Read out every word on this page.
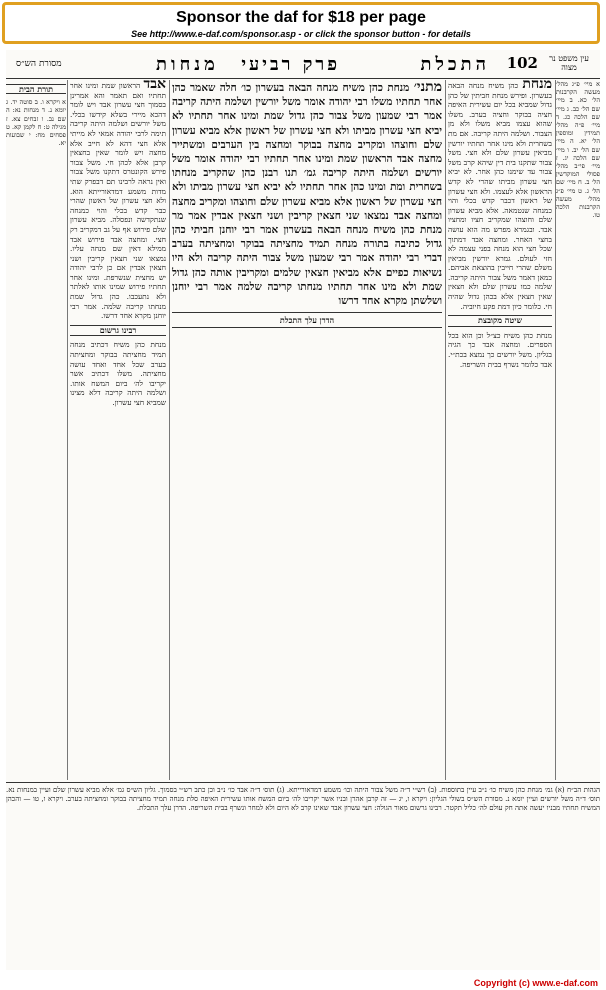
Sponsor the daf for $18 per page
See http://www.e-daf.com/sponsor.asp - or click the sponsor button - for details
עין משפט נר מצוה
102
התכלת
פרק רביעי
מנחות
מסורת הש״ס

א מיי׳ פ״ג מהל׳ מעשה הקרבנות הל׳ כא. ב מיי׳ שם הל׳ כב. ג מיי׳ שם הלכה כג. ד מיי׳ פ״ה מהל׳ תמידין ומוספין הל׳ יא. ה מיי׳ שם הל׳ יב. ו מיי׳ שם הלכה יג. ז מיי׳ פי״ב מהל׳ פסולי המוקדשין הל׳ ב. ח מיי׳ שם הל׳ ג. ט מיי׳ פ״ג מהל׳ מעשה הקרבנות הלכה טו.

מנחת כהן משיח מנחה הבאה בעשרון. ופירש מנחת חביתין של כהן גדול שמביא בכל יום עשירית האיפה חציה בבוקר וחציה בערב. משלו שהוא עצמו מביא משלו ולא מן הצבור. ושלמה היתה קריבה. אם מת בשחרית ולא מינו אחר תחתיו יורשין מביאין עשרון שלם ולא חצי. משל צבור שתקנו בית דין שיהא קרב משל צבור עד שימנו כהן אחר. לא יביא חצי עשרון מביתו שהרי לא קדש הראשון אלא לעצמו. ולא חצי עשרון של ראשון דכבר קדש בכלי והוי כמנחה שנטמאה. אלא מביא עשרון שלם וחוצהו שמקריב חציו ומחציו אבד. ובגמרא מפרש מה הוא עושה בחצי האחר. ומחצה אבד דמתוך שכל חצי הוא מנחה בפני עצמה לא חזי לעולם. גמרא יורשין מביאין משלם שהרי חייבין בהוצאת אביהם. כמאן דאמר משל צבור היתה קריבה. שלמה כמו עשרון שלם ולא חצאין שאין חצאין אלא בכהן גדול שהיה חי. כלומר כיון דמת פקע חיוביה.

שיטה מקובצת

מנחת כהן משיח כצ״ל וכן הוא בכל הספרים. ומחצה אבד כך הגיה בגליון. משל יורשים כך נמצא בכת״י. אבד כלומר נשרף בבית השריפה.

מתני׳ מנחת כהן משיח מנחה הבאה בעשרון כו׳ חלה שאמר כהן אחר תחתיו משלו רבי יהודה אומר משל יורשין ושלמה היתה קריבה אמר רבי שמעון משל צבור כהן גדול שמת ומינו אחר תחתיו לא יביא חצי עשרון מביתו ולא חצי עשרון של ראשון אלא מביא עשרון שלם וחוצהו ומקריב מחצה בבוקר ומחצה בין הערבים ומשתייר מחצה אבד הראשון שמת ומינו אחר תחתיו רבי יהודה אומר משל יורשים ושלמה היתה קריבה גמ׳ תנו רבנן כהן שהקריב מנחתו בשחרית ומת ומינו כהן אחר תחתיו לא יביא חצי עשרון מביתו ולא חצי עשרון של ראשון אלא מביא עשרון שלם וחוצהו ומקריב מחצה ומחצה אבד נמצאו שני חצאין קריבין ושני חצאין אבדין אמר מר מנחת כהן משיח מנחה הבאה בעשרון אמר רבי יוחנן חביתי כהן גדול כתיבה בתורה מנחה תמיד מחציתה בבוקר ומחציתה בערב דברי רבי יהודה אמר רבי שמעון משל צבור היתה קריבה ולא היו נשיאות כפיים אלא מביאין חצאין שלמים ומקריבין אותה כהן גדול שמת ולא מינו אחר תחתיו מנחתו קריבה שלמה אמר רבי יוחנן ושלשתן מקרא אחד דרשו

הדרן עלך התכלת

אבד הראשון שמת ומינו אחר תחתיו ואם תאמר והא אמרינן בסמוך חצי עשרון אבד ויש לומר דהכא מיירי בשלא קידשו בכלי. משל יורשים ושלמה היתה קריבה תימה לרבי יהודה אמאי לא מייתי אלא חצי דהא לא חייב אלא מחצה ויש לומר שאין בחצאין קרבן אלא לכהן חי. משל צבור פירש הקונטרס דתקנו משל צבור ואין נראה לרבינו תם דבפרק שתי מדות משמע דמדאורייתא הוא. ולא חצי עשרון של ראשון שהרי כבר קדש בכלי והוי כמנחה שנתקדשה ונפסלה. מביא עשרון שלם פירוש אף על גב דמקריב רק חצי. ומחצה אבד פירוש אבד ממילא דאין שם מנחה עליו. נמצאו שני חצאין קריבין ושני חצאין אבדין אם כן לרבי יהודה יש מחצית שנשרפת. ומינו אחר תחתיו פירוש שמינו אותו לאלתר ולא נתעכבו. כהן גדול שמת מנחתו קריבה שלמה. אמר רבי יוחנן מקרא אחד דרשו.

רבינו גרשום

מנחת כהן משיח דכתיב מנחה תמיד מחציתה בבוקר ומחציתה בערב שכל אחד ואחד עושה מחציתה. משלו דכתיב אשר יקריבו לה׳ ביום המשח אותו. ושלמה היתה קריבה דלא מצינו שמביא חצי עשרון.

תורת הבית

א ויקרא ו. ב סוטה יד. ג יומא נ. ד מנחות נא: ה שם נב. ו זבחים צא. ז מגילה ט: ח לקמן קא. ט פסחים מח: י שבועות יא.

הגהות הב״ח (א) גמ׳ מנחת כהן משיח כו׳ נ״ב עיין בתוספות. (ב) רש״י ד״ה משל צבור היתה וכו׳ משמע דמדאורייתא. (ג) תוס׳ ד״ה אבד כו׳ נ״ב וכן כתב רש״י בסמוך. גליון הש״ס גמ׳ אלא מביא עשרון שלם ועיין במנחות נא. תוס׳ ד״ה משל יורשים ועיין יומא נ. מסורת הש״ס בשולי הגליון: ויקרא ו, יג — זה קרבן אהרן ובניו אשר יקריבו לה׳ ביום המשח אותו עשירית האיפה סלת מנחה תמיד מחציתה בבוקר ומחציתה בערב. ויקרא ו, טו — והכהן המשיח תחתיו מבניו יעשה אתה חק עולם לה׳ כליל תקטר. רבינו גרשום מאור הגולה: חצי עשרון אבד שאינו קרב לא היום ולא למחר ונשרף בבית השריפה. הדרן עלך התכלת.

Copyright (c) www.e-daf.com
